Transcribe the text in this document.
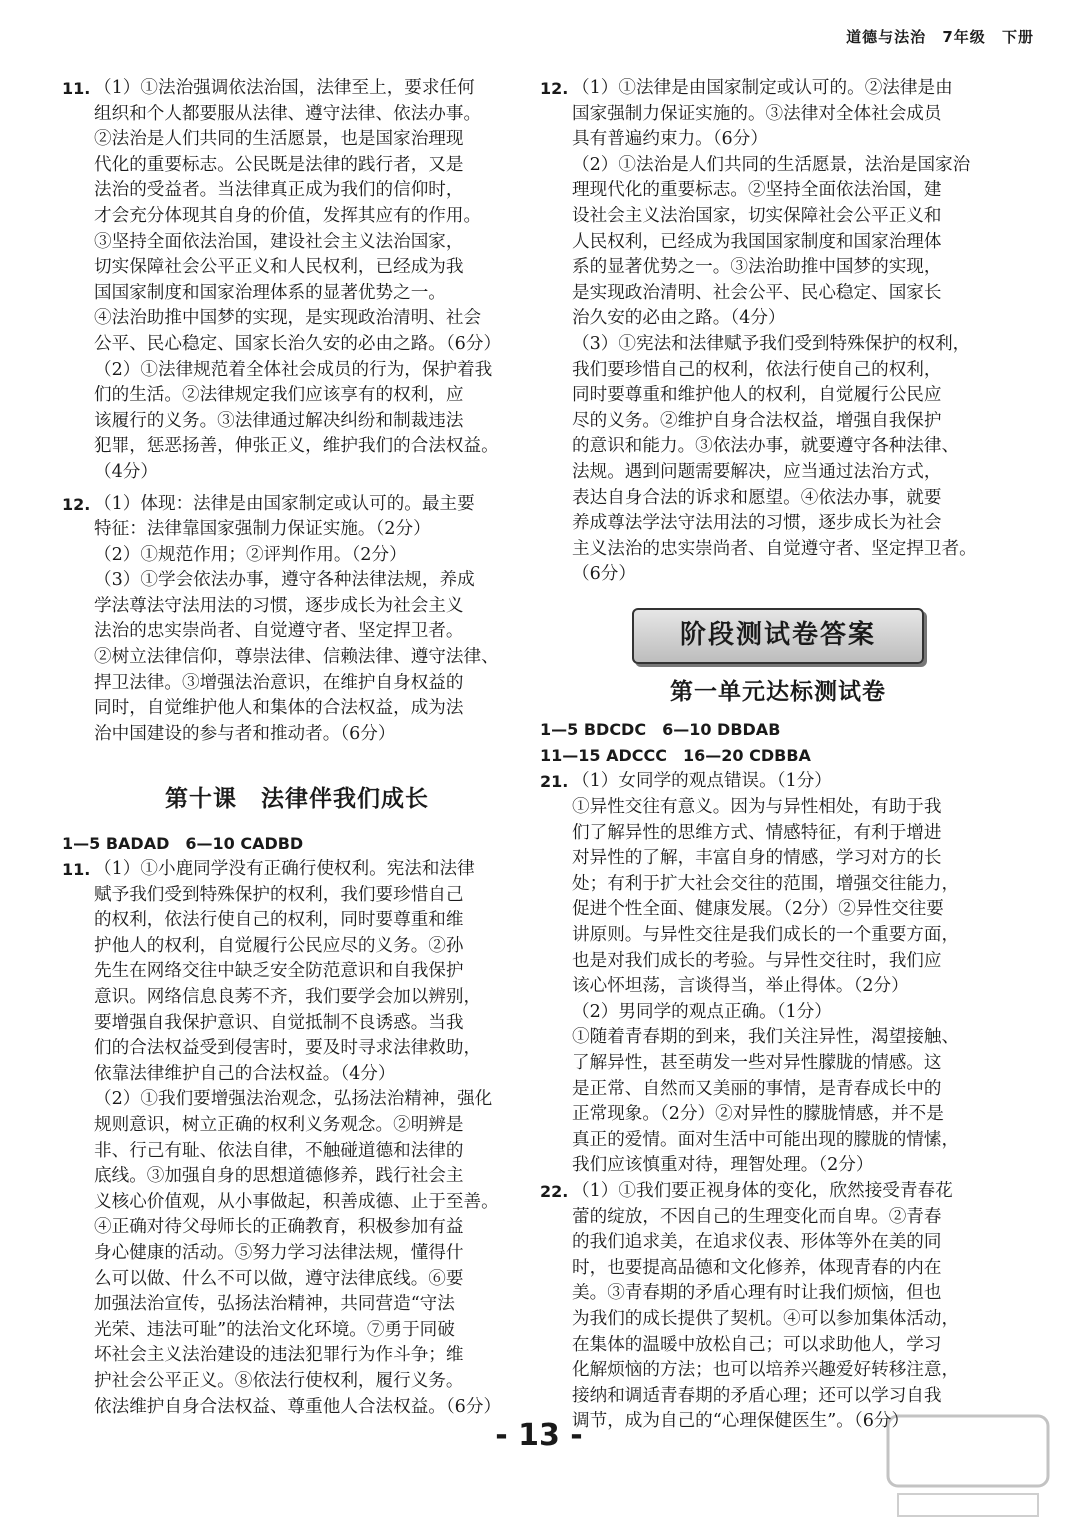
道德与法治 7年级 下册
11. （1）①法治强调依法治国，法律至上，要求任何
组织和个人都要服从法律、遵守法律、依法办事。
②法治是人们共同的生活愿景，也是国家治理现
代化的重要标志。公民既是法律的践行者，又是
法治的受益者。当法律真正成为我们的信仰时，
才会充分体现其自身的价值，发挥其应有的作用。
③坚持全面依法治国，建设社会主义法治国家，
切实保障社会公平正义和人民权利，已经成为我
国国家制度和国家治理体系的显著优势之一。
④法治助推中国梦的实现，是实现政治清明、社会
公平、民心稳定、国家长治久安的必由之路。（6分）
（2）①法律规范着全体社会成员的行为，保护着我
们的生活。②法律规定我们应该享有的权利，应
该履行的义务。③法律通过解决纠纷和制裁违法
犯罪，惩恶扬善，伸张正义，维护我们的合法权益。
（4分）
12. （1）体现：法律是由国家制定或认可的。最主要
特征：法律靠国家强制力保证实施。（2分）
（2）①规范作用；②评判作用。（2分）
（3）①学会依法办事，遵守各种法律法规，养成
学法尊法守法用法的习惯，逐步成长为社会主义
法治的忠实崇尚者、自觉遵守者、坚定捍卫者。
②树立法律信仰，尊崇法律、信赖法律、遵守法律、
捍卫法律。③增强法治意识，在维护自身权益的
同时，自觉维护他人和集体的合法权益，成为法
治中国建设的参与者和推动者。（6分）
第十课　法律伴我们成长
1—5 BADAD　6—10 CADBD
11. （1）①小鹿同学没有正确行使权利。宪法和法律
赋予我们受到特殊保护的权利，我们要珍惜自己
的权利，依法行使自己的权利，同时要尊重和维
护他人的权利，自觉履行公民应尽的义务。②孙
先生在网络交往中缺乏安全防范意识和自我保护
意识。网络信息良莠不齐，我们要学会加以辨别，
要增强自我保护意识、自觉抵制不良诱惑。当我
们的合法权益受到侵害时，要及时寻求法律救助，
依靠法律维护自己的合法权益。（4分）
（2）①我们要增强法治观念，弘扬法治精神，强化
规则意识，树立正确的权利义务观念。②明辨是
非、行己有耻、依法自律，不触碰道德和法律的
底线。③加强自身的思想道德修养，践行社会主
义核心价值观，从小事做起，积善成德、止于至善。
④正确对待父母师长的正确教育，积极参加有益
身心健康的活动。⑤努力学习法律法规，懂得什
么可以做、什么不可以做，遵守法律底线。⑥要
加强法治宣传，弘扬法治精神，共同营造“守法
光荣、违法可耻”的法治文化环境。⑦勇于同破
坏社会主义法治建设的违法犯罪行为作斗争；维
护社会公平正义。⑧依法行使权利，履行义务。
依法维护自身合法权益、尊重他人合法权益。（6分）
12. （1）①法律是由国家制定或认可的。②法律是由
国家强制力保证实施的。③法律对全体社会成员
具有普遍约束力。（6分）
（2）①法治是人们共同的生活愿景，法治是国家治
理现代化的重要标志。②坚持全面依法治国，建
设社会主义法治国家，切实保障社会公平正义和
人民权利，已经成为我国国家制度和国家治理体
系的显著优势之一。③法治助推中国梦的实现，
是实现政治清明、社会公平、民心稳定、国家长
治久安的必由之路。（4分）
（3）①宪法和法律赋予我们受到特殊保护的权利，
我们要珍惜自己的权利，依法行使自己的权利，
同时要尊重和维护他人的权利，自觉履行公民应
尽的义务。②维护自身合法权益，增强自我保护
的意识和能力。③依法办事，就要遵守各种法律、
法规。遇到问题需要解决，应当通过法治方式，
表达自身合法的诉求和愿望。④依法办事，就要
养成尊法学法守法用法的习惯，逐步成长为社会
主义法治的忠实崇尚者、自觉遵守者、坚定捍卫者。
（6分）
阶段测试卷答案
第一单元达标测试卷
1—5 BDCDC　6—10 DBDAB
11—15 ADCCC　16—20 CDBBA
21. （1）女同学的观点错误。（1分）
①异性交往有意义。因为与异性相处，有助于我
们了解异性的思维方式、情感特征，有利于增进
对异性的了解，丰富自身的情感，学习对方的长
处；有利于扩大社会交往的范围，增强交往能力，
促进个性全面、健康发展。（2分）②异性交往要
讲原则。与异性交往是我们成长的一个重要方面，
也是对我们成长的考验。与异性交往时，我们应
该心怀坦荡，言谈得当，举止得体。（2分）
（2）男同学的观点正确。（1分）
①随着青春期的到来，我们关注异性，渴望接触、
了解异性，甚至萌发一些对异性朦胧的情感。这
是正常、自然而又美丽的事情，是青春成长中的
正常现象。（2分）②对异性的朦胧情感，并不是
真正的爱情。面对生活中可能出现的朦胧的情愫，
我们应该慎重对待，理智处理。（2分）
22. （1）①我们要正视身体的变化，欣然接受青春花
蕾的绽放，不因自己的生理变化而自卑。②青春
的我们追求美，在追求仪表、形体等外在美的同
时，也要提高品德和文化修养，体现青春的内在
美。③青春期的矛盾心理有时让我们烦恼，但也
为我们的成长提供了契机。④可以参加集体活动，
在集体的温暖中放松自己；可以求助他人，学习
化解烦恼的方法；也可以培养兴趣爱好转移注意，
接纳和调适青春期的矛盾心理；还可以学习自我
调节，成为自己的“心理保健医生”。（6分）
- 13 -
